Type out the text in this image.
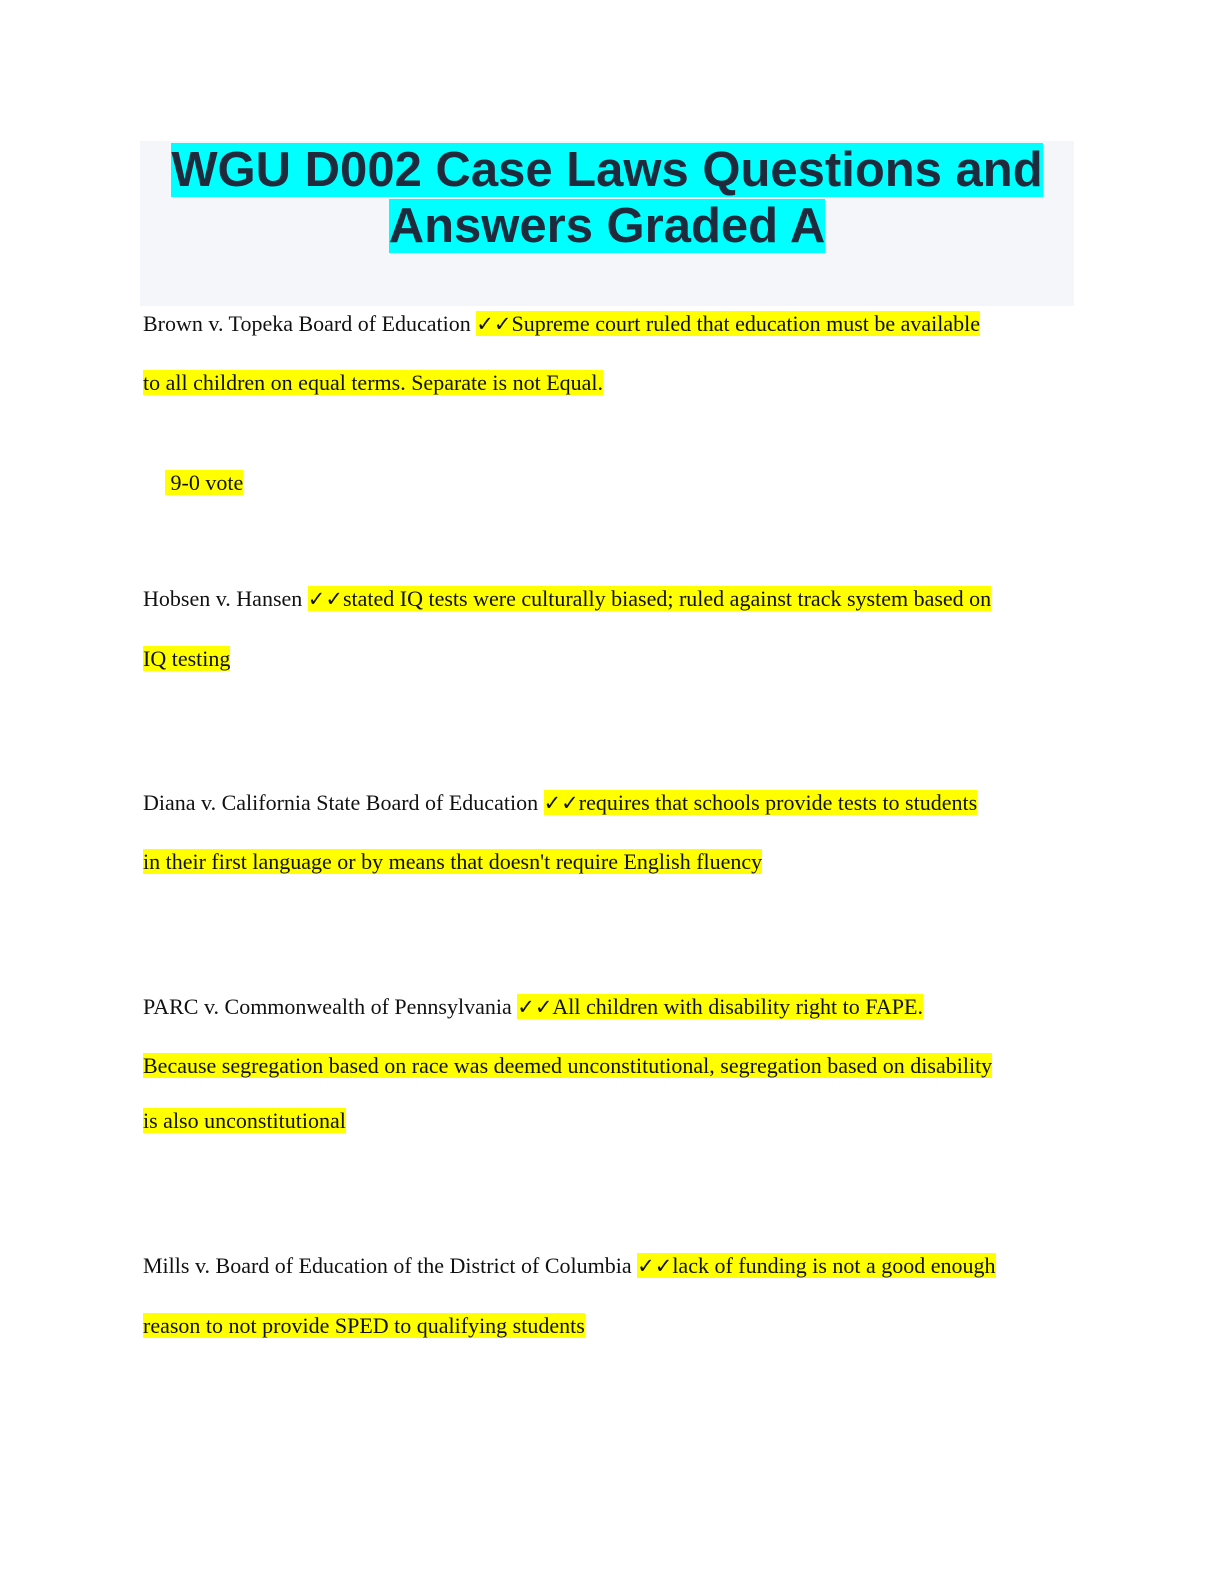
WGU D002 Case Laws Questions and
Answers Graded A
Brown v. Topeka Board of Education ✓✓Supreme court ruled that education must be available
to all children on equal terms. Separate is not Equal.

9-0 vote

Hobsen v. Hansen ✓✓stated IQ tests were culturally biased; ruled against track system based on
IQ testing
Diana v. California State Board of Education ✓✓requires that schools provide tests to students
in their first language or by means that doesn't require English fluency
PARC v. Commonwealth of Pennsylvania ✓✓All children with disability right to FAPE.
Because segregation based on race was deemed unconstitutional, segregation based on disability
is also unconstitutional
Mills v. Board of Education of the District of Columbia ✓✓lack of funding is not a good enough
reason to not provide SPED to qualifying students
